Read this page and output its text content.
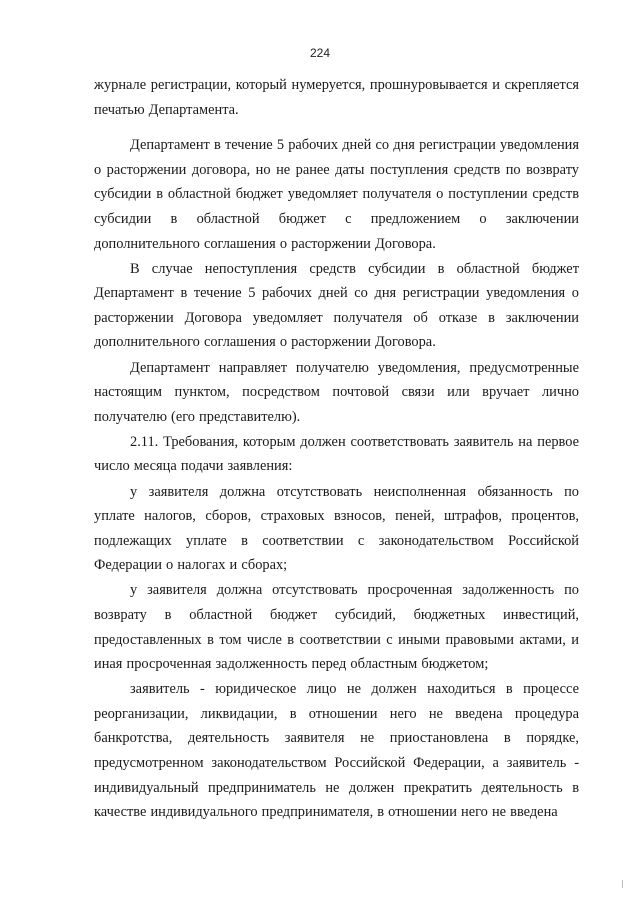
224

журнале регистрации, который нумеруется, прошнуровывается и скрепляется печатью Департамента.

Департамент в течение 5 рабочих дней со дня регистрации уведомления о расторжении договора, но не ранее даты поступления средств по возврату субсидии в областной бюджет уведомляет получателя о поступлении средств субсидии в областной бюджет с предложением о заключении дополнительного соглашения о расторжении Договора.

В случае непоступления средств субсидии в областной бюджет Департамент в течение 5 рабочих дней со дня регистрации уведомления о расторжении Договора уведомляет получателя об отказе в заключении дополнительного соглашения о расторжении Договора.

Департамент направляет получателю уведомления, предусмотренные настоящим пунктом, посредством почтовой связи или вручает лично получателю (его представителю).

2.11. Требования, которым должен соответствовать заявитель на первое число месяца подачи заявления:

у заявителя должна отсутствовать неисполненная обязанность по уплате налогов, сборов, страховых взносов, пеней, штрафов, процентов, подлежащих уплате в соответствии с законодательством Российской Федерации о налогах и сборах;

у заявителя должна отсутствовать просроченная задолженность по возврату в областной бюджет субсидий, бюджетных инвестиций, предоставленных в том числе в соответствии с иными правовыми актами, и иная просроченная задолженность перед областным бюджетом;

заявитель - юридическое лицо не должен находиться в процессе реорганизации, ликвидации, в отношении него не введена процедура банкротства, деятельность заявителя не приостановлена в порядке, предусмотренном законодательством Российской Федерации, а заявитель - индивидуальный предприниматель не должен прекратить деятельность в качестве индивидуального предпринимателя, в отношении него не введена
